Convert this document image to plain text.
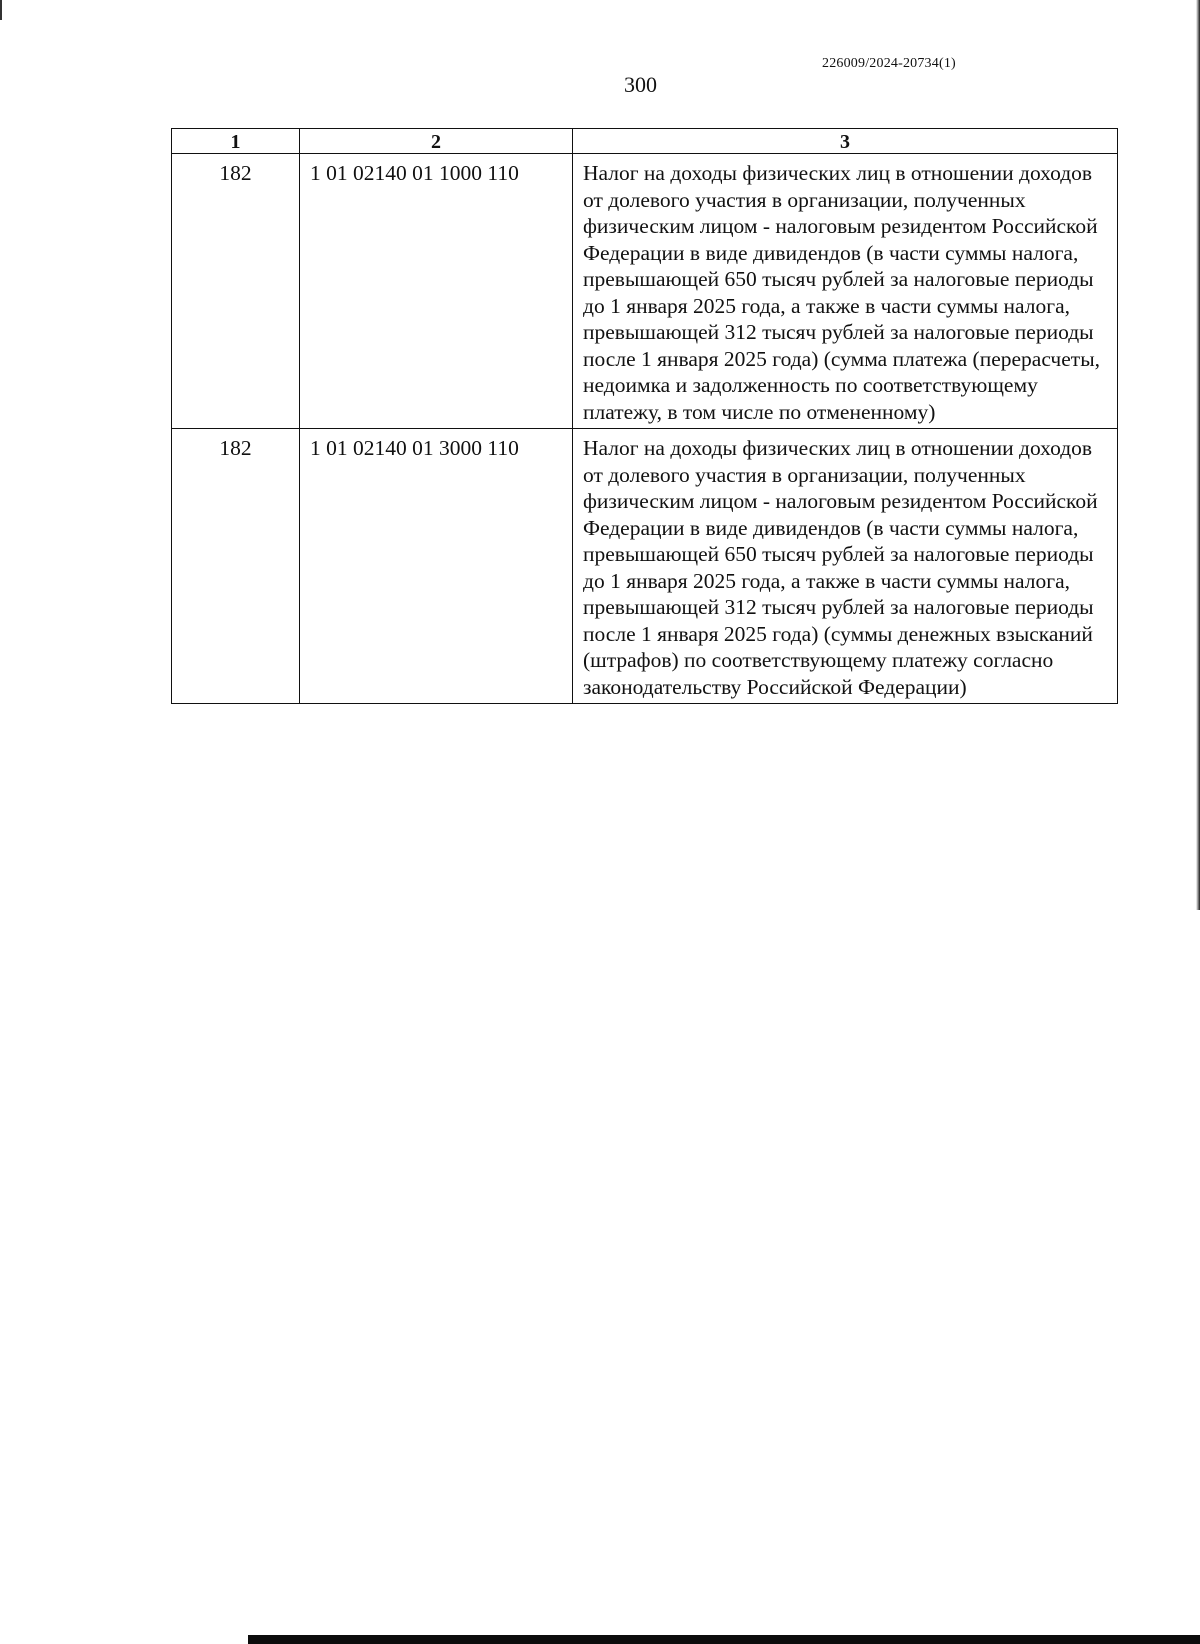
226009/2024-20734(1)
300
1	2	3
182	1 01 02140 01 1000 110	Налог на доходы физических лиц в отношении доходов от долевого участия в организации, полученных физическим лицом - налоговым резидентом Российской Федерации в виде дивидендов (в части суммы налога, превышающей 650 тысяч рублей за налоговые периоды до 1 января 2025 года, а также в части суммы налога, превышающей 312 тысяч рублей за налоговые периоды после 1 января 2025 года) (сумма платежа (перерасчеты, недоимка и задолженность по соответствующему платежу, в том числе по отмененному)
182	1 01 02140 01 3000 110	Налог на доходы физических лиц в отношении доходов от долевого участия в организации, полученных физическим лицом - налоговым резидентом Российской Федерации в виде дивидендов (в части суммы налога, превышающей 650 тысяч рублей за налоговые периоды до 1 января 2025 года, а также в части суммы налога, превышающей 312 тысяч рублей за налоговые периоды после 1 января 2025 года) (суммы денежных взысканий (штрафов) по соответствующему платежу согласно законодательству Российской Федерации)
